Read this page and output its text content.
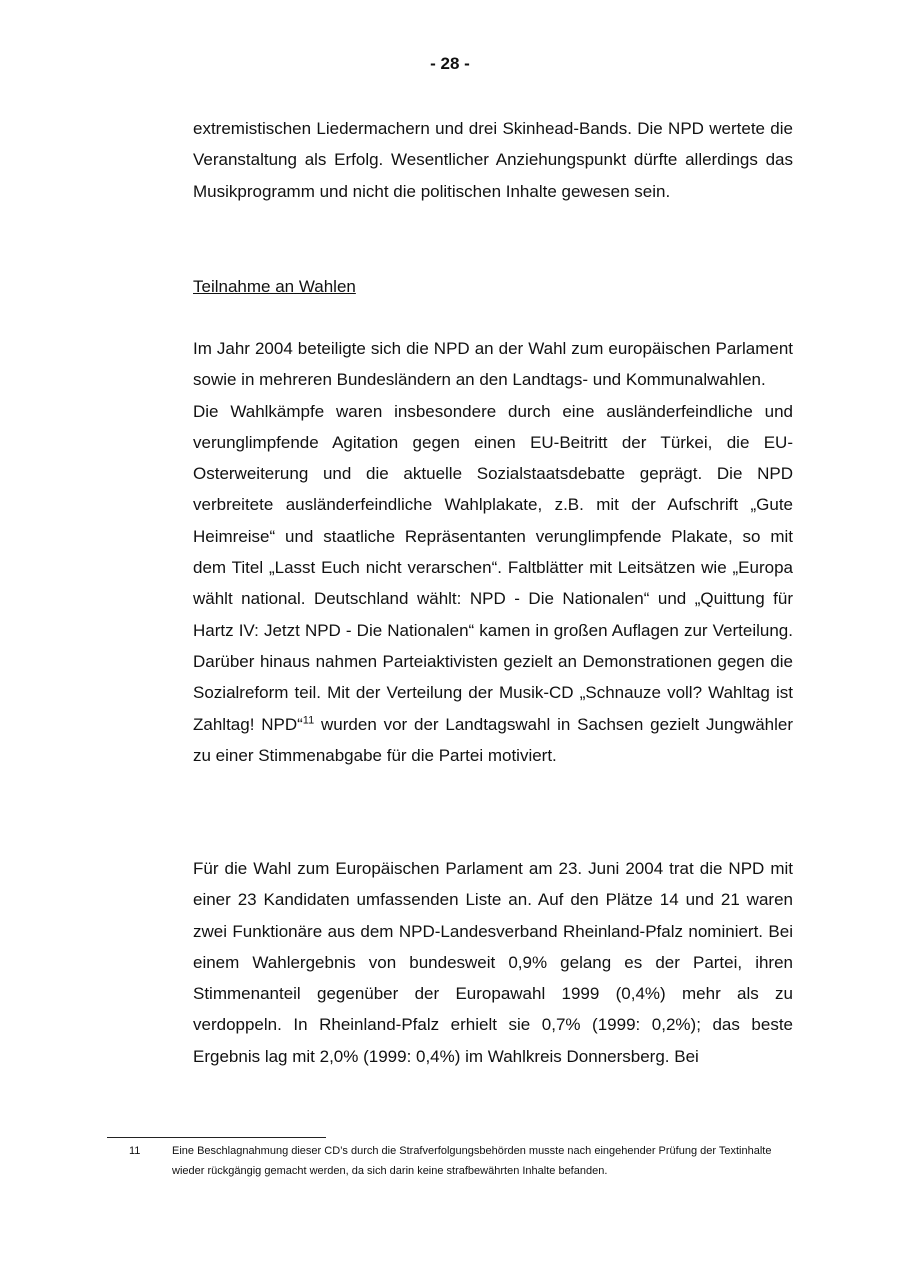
- 28 -

extremistischen Liedermachern und drei Skinhead-Bands. Die NPD wertete die Veranstaltung als Erfolg. Wesentlicher Anziehungspunkt dürfte allerdings das Musikprogramm und nicht die politischen Inhalte gewesen sein.

Teilnahme an Wahlen

Im Jahr 2004 beteiligte sich die NPD an der Wahl zum europäischen Parlament sowie in mehreren Bundesländern an den Landtags- und Kommunalwahlen.

Die Wahlkämpfe waren insbesondere durch eine ausländerfeindliche und verunglimpfende Agitation gegen einen EU-Beitritt der Türkei, die EU-Osterweiterung und die aktuelle Sozialstaatsdebatte geprägt. Die NPD verbreitete ausländerfeindliche Wahlplakate, z.B. mit der Aufschrift „Gute Heimreise“ und staatliche Repräsentanten verunglimpfende Plakate, so mit dem Titel „Lasst Euch nicht verarschen“. Faltblätter mit Leitsätzen wie „Europa wählt national. Deutschland wählt: NPD - Die Nationalen“ und „Quittung für Hartz IV: Jetzt NPD - Die Nationalen“ kamen in großen Auflagen zur Verteilung. Darüber hinaus nahmen Parteiaktivisten gezielt an Demonstrationen gegen die Sozialreform teil. Mit der Verteilung der Musik-CD „Schnauze voll? Wahltag ist Zahltag! NPD“$^{11}$ wurden vor der Landtagswahl in Sachsen gezielt Jungwähler zu einer Stimmenabgabe für die Partei motiviert.

Für die Wahl zum Europäischen Parlament am 23. Juni 2004 trat die NPD mit einer 23 Kandidaten umfassenden Liste an. Auf den Plätze 14 und 21 waren zwei Funktionäre aus dem NPD-Landesverband Rheinland-Pfalz nominiert. Bei einem Wahlergebnis von bundesweit 0,9% gelang es der Partei, ihren Stimmenanteil gegenüber der Europawahl 1999 (0,4%) mehr als zu verdoppeln. In Rheinland-Pfalz erhielt sie 0,7% (1999: 0,2%); das beste Ergebnis lag mit 2,0% (1999: 0,4%) im Wahlkreis Donnersberg. Bei

11	Eine Beschlagnahmung dieser CD’s durch die Strafverfolgungsbehörden musste nach eingehender Prüfung der Textinhalte wieder rückgängig gemacht werden, da sich darin keine strafbewährten Inhalte befanden.
